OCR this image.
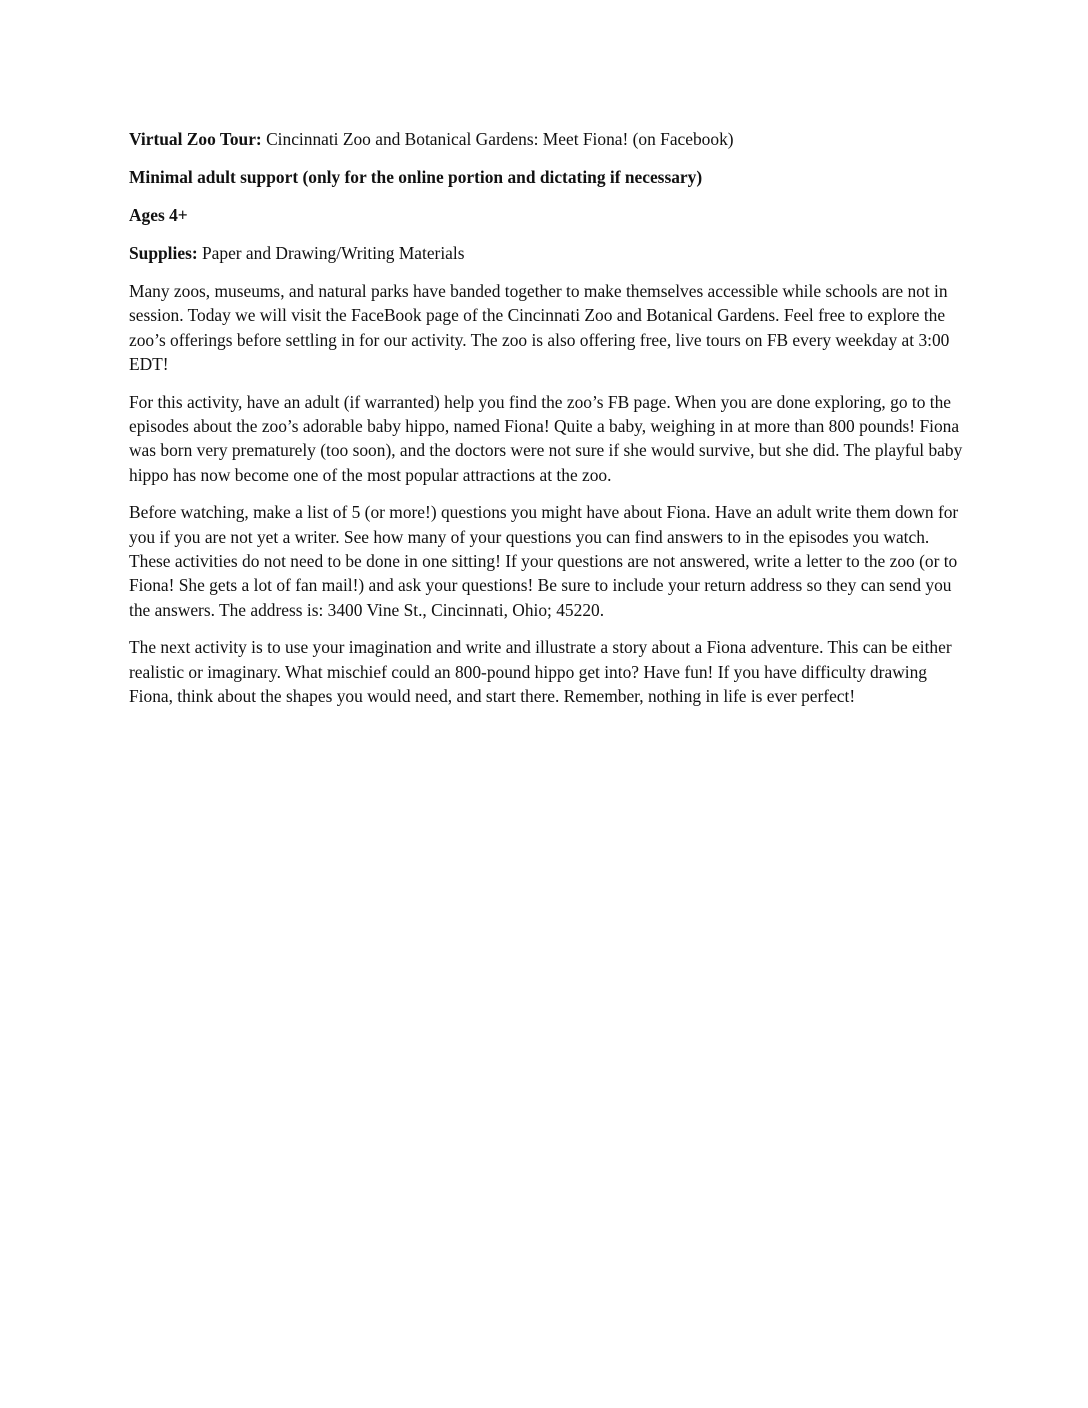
Virtual Zoo Tour: Cincinnati Zoo and Botanical Gardens: Meet Fiona! (on Facebook)
Minimal adult support (only for the online portion and dictating if necessary)
Ages 4+
Supplies: Paper and Drawing/Writing Materials

Many zoos, museums, and natural parks have banded together to make themselves accessible while schools are not in session. Today we will visit the FaceBook page of the Cincinnati Zoo and Botanical Gardens. Feel free to explore the zoo’s offerings before settling in for our activity. The zoo is also offering free, live tours on FB every weekday at 3:00 EDT!

For this activity, have an adult (if warranted) help you find the zoo’s FB page. When you are done exploring, go to the episodes about the zoo’s adorable baby hippo, named Fiona! Quite a baby, weighing in at more than 800 pounds! Fiona was born very prematurely (too soon), and the doctors were not sure if she would survive, but she did. The playful baby hippo has now become one of the most popular attractions at the zoo.

Before watching, make a list of 5 (or more!) questions you might have about Fiona. Have an adult write them down for you if you are not yet a writer. See how many of your questions you can find answers to in the episodes you watch. These activities do not need to be done in one sitting! If your questions are not answered, write a letter to the zoo (or to Fiona! She gets a lot of fan mail!) and ask your questions! Be sure to include your return address so they can send you the answers. The address is: 3400 Vine St., Cincinnati, Ohio; 45220.

The next activity is to use your imagination and write and illustrate a story about a Fiona adventure. This can be either realistic or imaginary. What mischief could an 800-pound hippo get into? Have fun! If you have difficulty drawing Fiona, think about the shapes you would need, and start there. Remember, nothing in life is ever perfect!
